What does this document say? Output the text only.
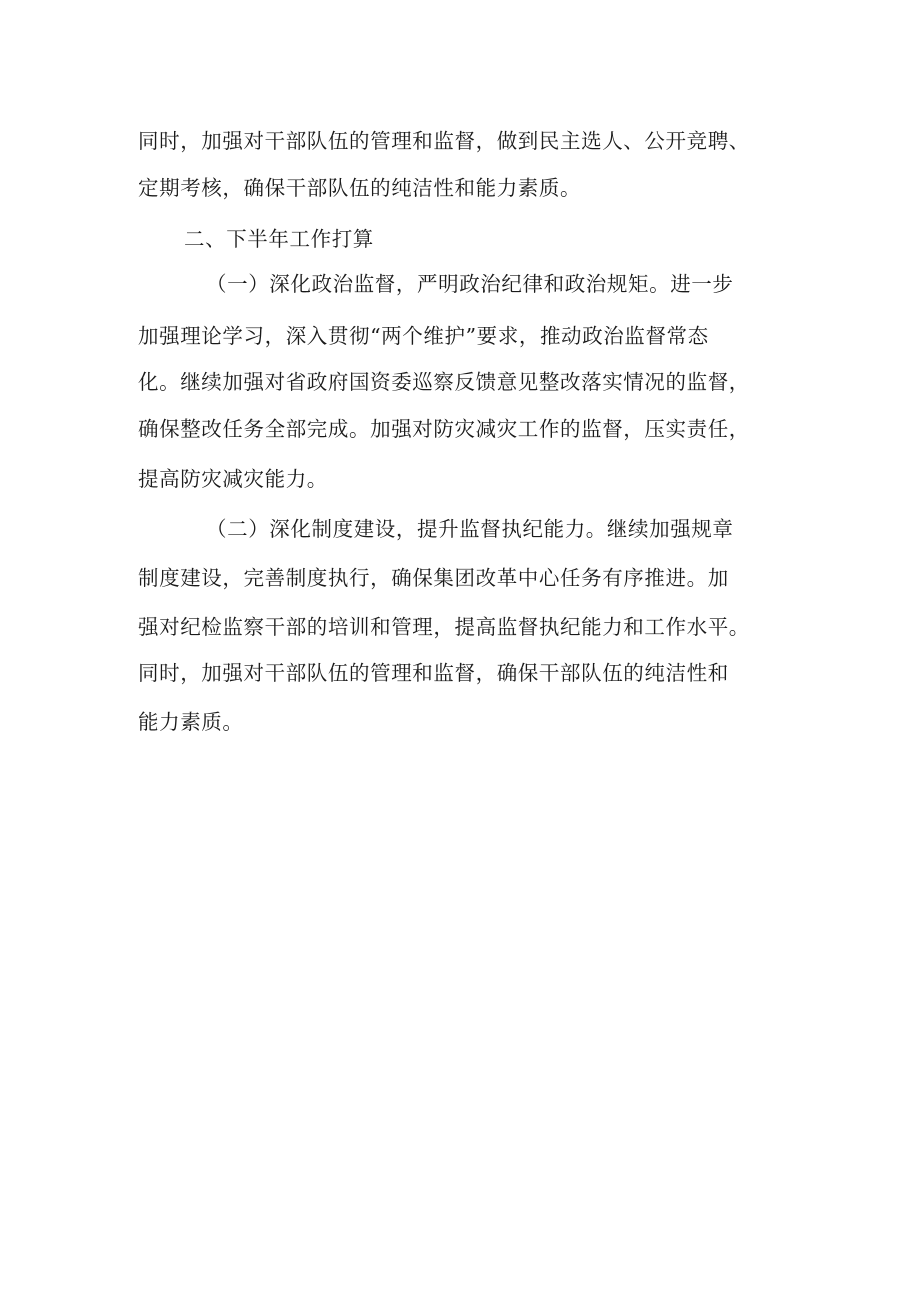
同时，加强对干部队伍的管理和监督，做到民主选人、公开竞聘、
定期考核，确保干部队伍的纯洁性和能力素质。
二、下半年工作打算
（一）深化政治监督，严明政治纪律和政治规矩。进一步
加强理论学习，深入贯彻“两个维护”要求，推动政治监督常态
化。继续加强对省政府国资委巡察反馈意见整改落实情况的监督，
确保整改任务全部完成。加强对防灾减灾工作的监督，压实责任，
提高防灾减灾能力。
（二）深化制度建设，提升监督执纪能力。继续加强规章
制度建设，完善制度执行，确保集团改革中心任务有序推进。加
强对纪检监察干部的培训和管理，提高监督执纪能力和工作水平。
同时，加强对干部队伍的管理和监督，确保干部队伍的纯洁性和
能力素质。
